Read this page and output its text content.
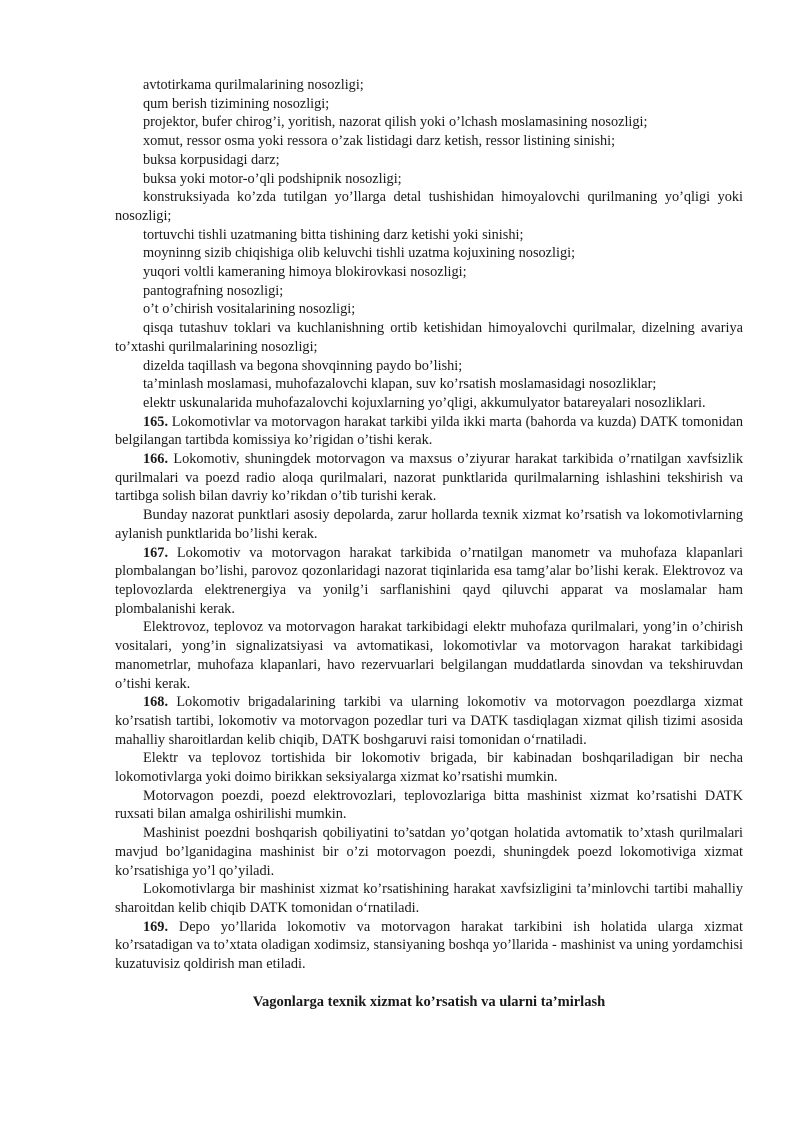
avtotirkama qurilmalarining nosozligi;

qum berish tizimining nosozligi;

projektor, bufer chirog’i, yoritish, nazorat qilish yoki o’lchash moslamasining nosozligi;

xomut, ressor osma yoki ressora o’zak listidagi darz ketish, ressor listining sinishi;

buksa korpusidagi darz;

buksa yoki motor-o’qli podshipnik nosozligi;

konstruksiyada ko’zda tutilgan yo’llarga detal tushishidan himoyalovchi qurilmaning yo’qligi yoki nosozligi;

tortuvchi tishli uzatmaning bitta tishining darz ketishi yoki sinishi;

moyninng sizib chiqishiga olib keluvchi tishli uzatma kojuxining nosozligi;

yuqori voltli kameraning himoya blokirovkasi nosozligi;

pantografning nosozligi;

o’t o’chirish vositalarining nosozligi;

qisqa tutashuv toklari va kuchlanishning ortib ketishidan himoyalovchi qurilmalar, dizelning avariya to’xtashi qurilmalarining nosozligi;

dizelda taqillash va begona shovqinning paydo bo’lishi;

ta’minlash moslamasi, muhofazalovchi klapan, suv ko’rsatish moslamasidagi nosozliklar;

elektr uskunalarida muhofazalovchi kojuxlarning yo’qligi, akkumulyator batareyalari nosozliklari.

165. Lokomotivlar va motorvagon harakat tarkibi yilda ikki marta (bahorda va kuzda) DATK tomonidan belgilangan tartibda komissiya ko’rigidan o’tishi kerak.

166. Lokomotiv, shuningdek motorvagon va maxsus o’ziyurar harakat tarkibida o’rnatilgan xavfsizlik qurilmalari va poezd radio aloqa qurilmalari, nazorat punktlarida qurilmalarning ishlashini tekshirish va tartibga solish bilan davriy ko’rikdan o’tib turishi kerak.

Bunday nazorat punktlari asosiy depolarda, zarur hollarda texnik xizmat ko’rsatish va lokomotivlarning aylanish punktlarida bo’lishi kerak.

167. Lokomotiv va motorvagon harakat tarkibida o’rnatilgan manometr va muhofaza klapanlari plombalangan bo’lishi, parovoz qozonlaridagi nazorat tiqinlarida esa tamg’alar bo’lishi kerak. Elektrovoz va teplovozlarda elektrenergiya va yonilg’i sarflanishini qayd qiluvchi apparat va moslamalar ham plombalanishi kerak.

Elektrovoz, teplovoz va motorvagon harakat tarkibidagi elektr muhofaza qurilmalari, yong’in o’chirish vositalari, yong’in signalizatsiyasi va avtomatikasi, lokomotivlar va motorvagon harakat tarkibidagi manometrlar, muhofaza klapanlari, havo rezervuarlari belgilangan muddatlarda sinovdan va tekshiruvdan o’tishi kerak.

168. Lokomotiv brigadalarining tarkibi va ularning lokomotiv va motorvagon poezdlarga xizmat ko’rsatish tartibi, lokomotiv va motorvagon pozedlar turi va DATK tasdiqlagan xizmat qilish tizimi asosida mahalliy sharoitlardan kelib chiqib, DATK boshgaruvi raisi tomonidan o‘rnatiladi.

Elektr va teplovoz tortishida bir lokomotiv brigada, bir kabinadan boshqariladigan bir necha lokomotivlarga yoki doimo birikkan seksiyalarga xizmat ko’rsatishi mumkin.

Motorvagon poezdi, poezd elektrovozlari, teplovozlariga bitta mashinist xizmat ko’rsatishi DATK ruxsati bilan amalga oshirilishi mumkin.

Mashinist poezdni boshqarish qobiliyatini to’satdan yo’qotgan holatida avtomatik to’xtash qurilmalari mavjud bo’lganidagina mashinist bir o’zi motorvagon poezdi, shuningdek poezd lokomotiviga xizmat ko’rsatishiga yo’l qo’yiladi.

Lokomotivlarga bir mashinist xizmat ko’rsatishining harakat xavfsizligini ta’minlovchi tartibi mahalliy sharoitdan kelib chiqib DATK tomonidan o‘rnatiladi.

169. Depo yo’llarida lokomotiv va motorvagon harakat tarkibini ish holatida ularga xizmat ko’rsatadigan va to’xtata oladigan xodimsiz, stansiyaning boshqa yo’llarida - mashinist va uning yordamchisi kuzatuvisiz qoldirish man etiladi.

Vagonlarga texnik xizmat ko’rsatish va ularni ta’mirlash
